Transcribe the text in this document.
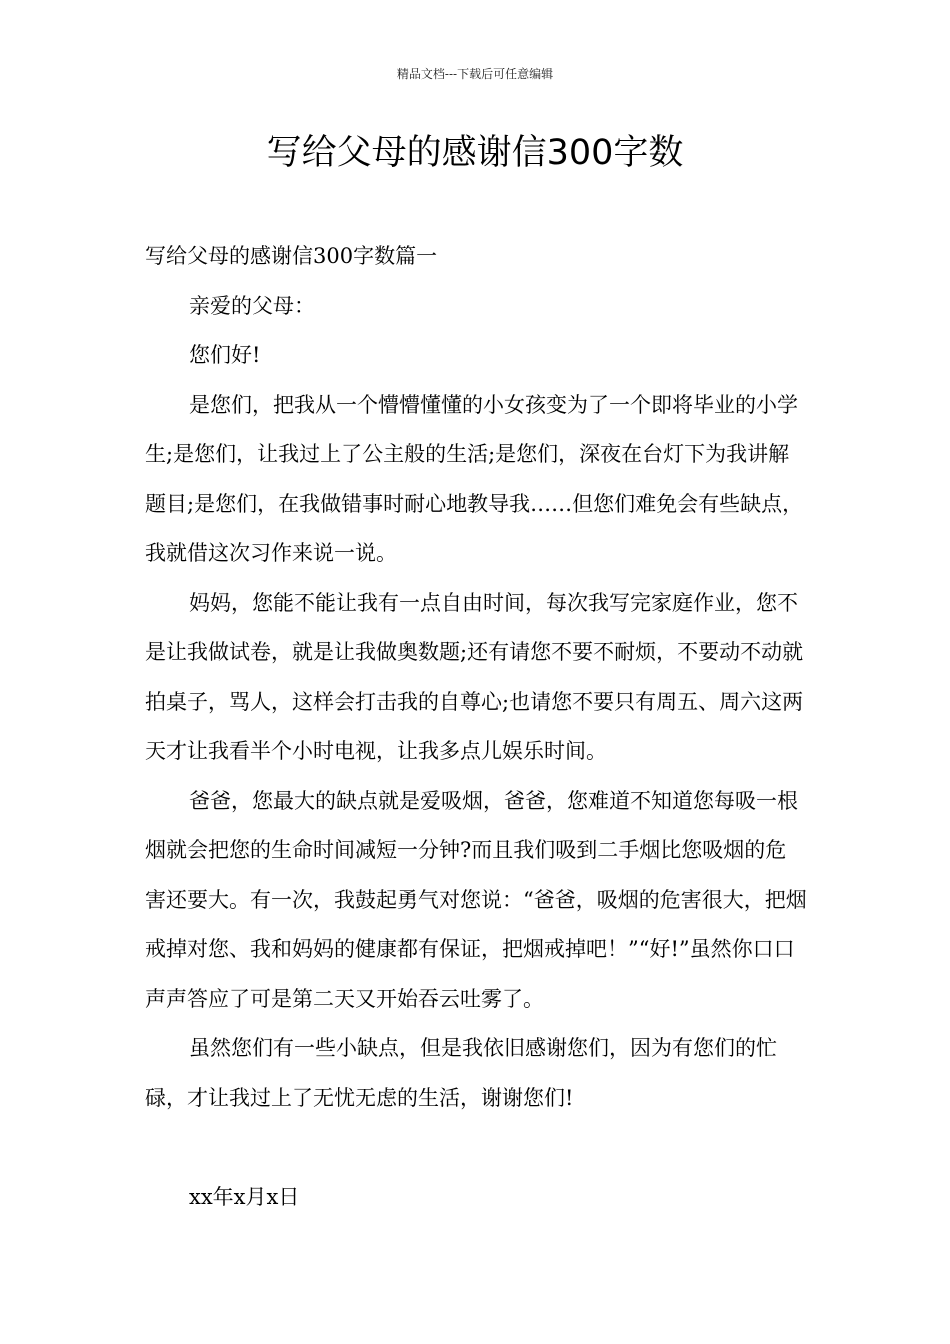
精品文档---下载后可任意编辑
写给父母的感谢信300字数

写给父母的感谢信300字数篇一

亲爱的父母：

您们好!

是您们，把我从一个懵懵懂懂的小女孩变为了一个即将毕业的小学生;是您们，让我过上了公主般的生活;是您们，深夜在台灯下为我讲解题目;是您们，在我做错事时耐心地教导我……但您们难免会有些缺点，我就借这次习作来说一说。

妈妈，您能不能让我有一点自由时间，每次我写完家庭作业，您不是让我做试卷，就是让我做奥数题;还有请您不要不耐烦，不要动不动就拍桌子，骂人，这样会打击我的自尊心;也请您不要只有周五、周六这两天才让我看半个小时电视，让我多点儿娱乐时间。

爸爸，您最大的缺点就是爱吸烟，爸爸，您难道不知道您每吸一根烟就会把您的生命时间减短一分钟?而且我们吸到二手烟比您吸烟的危害还要大。有一次，我鼓起勇气对您说：“爸爸，吸烟的危害很大，把烟戒掉对您、我和妈妈的健康都有保证，把烟戒掉吧！”“好!”虽然你口口声声答应了可是第二天又开始吞云吐雾了。

虽然您们有一些小缺点，但是我依旧感谢您们，因为有您们的忙碌，才让我过上了无忧无虑的生活，谢谢您们!

xx年x月x日
